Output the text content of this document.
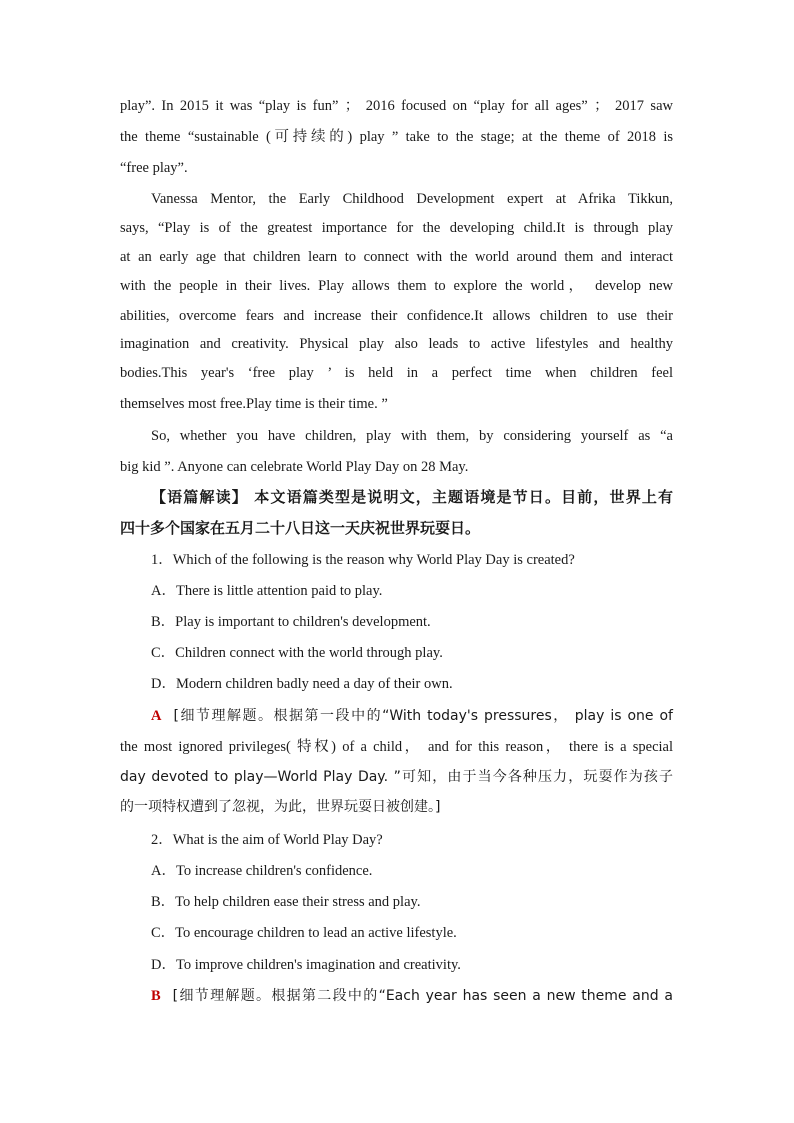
play”. In 2015 it was “play is fun” ； 2016 focused on “play for all ages” ； 2017 saw
the theme “sustainable (可持续的) play ” take to the stage; at the theme of 2018 is
“free play”.
Vanessa Mentor, the Early Childhood Development expert at Afrika Tikkun,
says, “Play is of the greatest importance for the developing child.It is through play
at an early age that children learn to connect with the world around them and interact
with the people in their lives. Play allows them to explore the world， develop new
abilities, overcome fears and increase their confidence.It allows children to use their
imagination and creativity. Physical play also leads to active lifestyles and healthy
bodies.This year's ‘free play ’ is held in a perfect time when children feel
themselves most free.Play time is their time. ”
So, whether you have children, play with them, by considering yourself as “a
big kid ”. Anyone can celebrate World Play Day on 28 May.
【语篇解读】 本文语篇类型是说明文，主题语境是节日。目前，世界上有
四十多个国家在五月二十八日这一天庆祝世界玩耍日。
1．Which of the following is the reason why World Play Day is created?
A．There is little attention paid to play.
B．Play is important to children's development.
C．Children connect with the world through play.
D．Modern children badly need a day of their own.
A [细节理解题。根据第一段中的“With today's pressures， play is one of
the most ignored privileges( 特权) of a child， and for this reason， there is a special
day devoted to play—World Play Day. ”可知，由于当今各种压力，玩耍作为孩子
的一项特权遭到了忽视，为此，世界玩耍日被创建。]
2．What is the aim of World Play Day?
A．To increase children's confidence.
B．To help children ease their stress and play.
C．To encourage children to lead an active lifestyle.
D．To improve children's imagination and creativity.
B [细节理解题。根据第二段中的“Each year has seen a new theme and a
